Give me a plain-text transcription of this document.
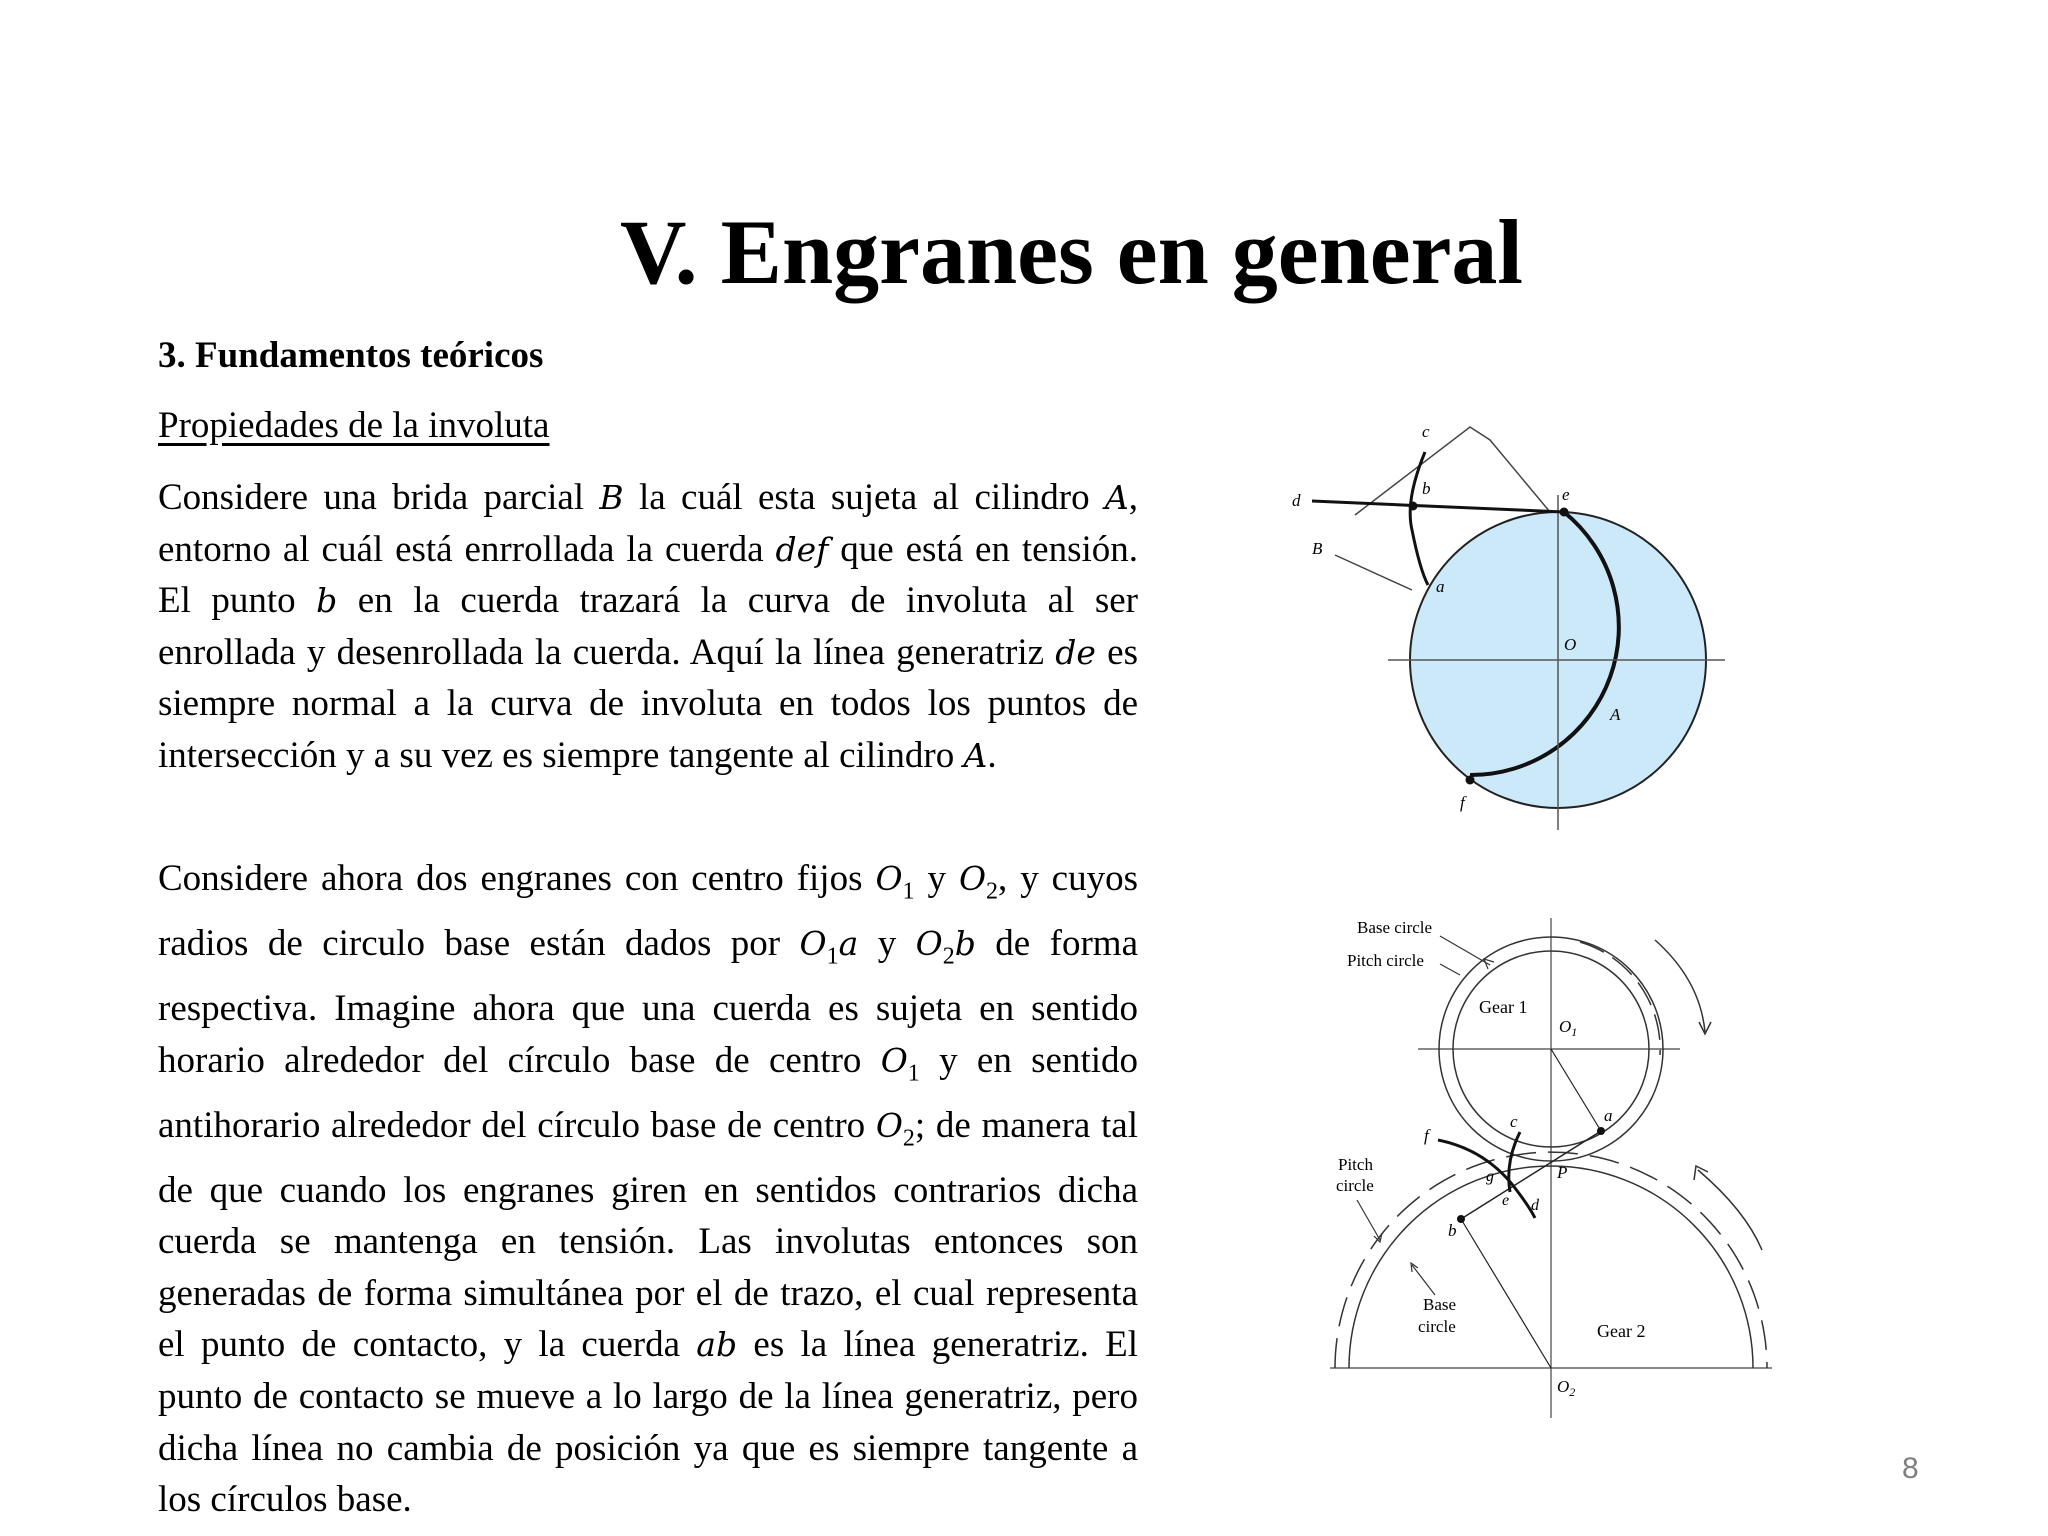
V. Engranes en general
3. Fundamentos teóricos
Propiedades de la involuta
Considere una brida parcial B la cuál esta sujeta al cilindro A, entorno al cuál está enrrollada la cuerda def que está en tensión. El punto b en la cuerda trazará la curva de involuta al ser enrollada y desenrollada la cuerda. Aquí la línea generatriz de es siempre normal a la curva de involuta en todos los puntos de intersección y a su vez es siempre tangente al cilindro A.
Considere ahora dos engranes con centro fijos $O_1$ y $O_2$, y cuyos radios de circulo base están dados por $O_1a$ y $O_2b$ de forma respectiva. Imagine ahora que una cuerda es sujeta en sentido horario alrededor del círculo base de centro $O_1$ y en sentido antihorario alrededor del círculo base de centro $O_2$; de manera tal de que cuando los engranes giren en sentidos contrarios dicha cuerda se mantenga en tensión. Las involutas entonces son generadas de forma simultánea por el de trazo, el cual representa el punto de contacto, y la cuerda ab es la línea generatriz. El punto de contacto se mueve a lo largo de la línea generatriz, pero dicha línea no cambia de posición ya que es siempre tangente a los círculos base.
c
b
d	e
B
a
O
A
f
Base circle
Pitch circle
Gear 1
$O_1$
a
c
f
P
Pitch
circle	g
e d
b
Base
circle	Gear 2
$O_2$
8
